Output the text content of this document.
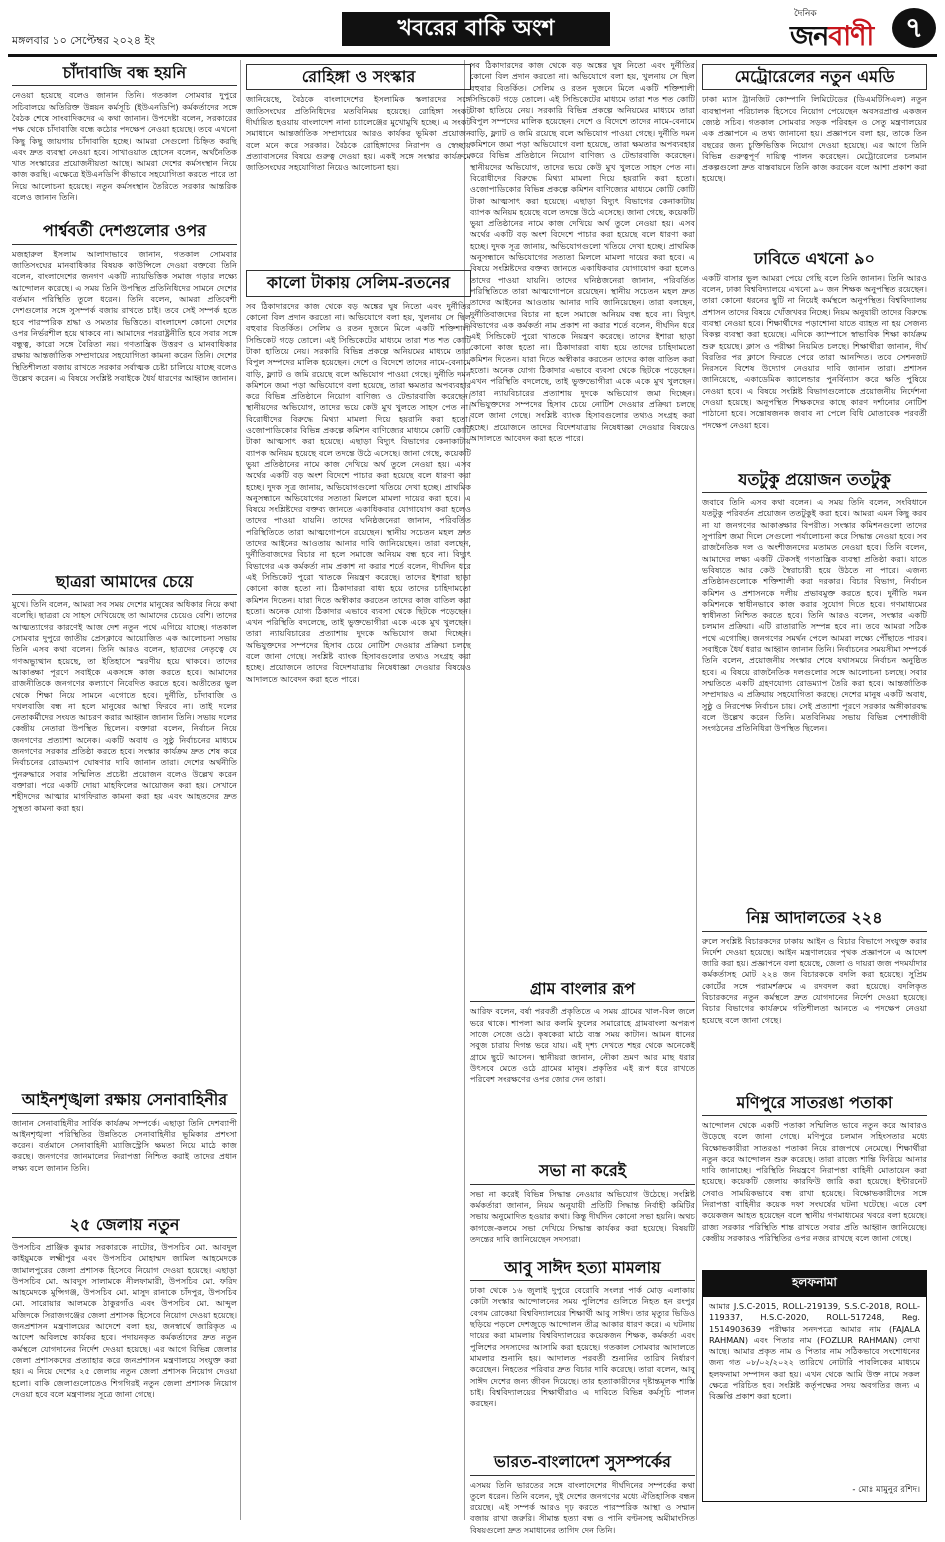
মঙ্গলবার ১০ সেপ্টেম্বর ২০২৪ ইং	খবরের বাকি অংশ
দৈনিক
জনবাণী	৭
চাঁদাবাজি বন্ধ হয়নি
নেওয়া হয়েছে বলেও জানান তিনি। গতকাল সোমবার দুপুরে সচিবালয়ে অতিরিক্ত উন্নয়ন কর্মসূচি (ইউএনডিপি) কর্মকর্তাদের সঙ্গে বৈঠক শেষে সাংবাদিকদের এ কথা জানান। উপদেষ্টা বলেন, সরকারের পক্ষ থেকে চাঁদাবাজি বন্ধে কঠোর পদক্ষেপ নেওয়া হয়েছে। তবে এখনো কিছু কিছু জায়গায় চাঁদাবাজি হচ্ছে। আমরা সেগুলো চিহ্নিত করছি এবং দ্রুত ব্যবস্থা নেওয়া হবে। সাখাওয়াত হোসেন বলেন, অর্থনৈতিক খাত সংস্কারের প্রয়োজনীয়তা আছে। আমরা দেশের কর্মসংস্থান নিয়ে কাজ করছি। এক্ষেত্রে ইউএনডিপি কীভাবে সহযোগিতা করতে পারে তা নিয়ে আলোচনা হয়েছে। নতুন কর্মসংস্থান তৈরিতে সরকার আন্তরিক বলেও জানান তিনি।
পার্শ্ববর্তী দেশগুলোর ওপর
মজহারুল ইসলাম আলাদাভাবে জানান, গতকাল সোমবার জাতিসংঘের মানবাধিকার বিষয়ক কাউন্সিলে দেওয়া বক্তব্যে তিনি বলেন, বাংলাদেশের জনগণ একটি ন্যায়ভিত্তিক সমাজ গড়ার লক্ষ্যে আন্দোলন করেছে। এ সময় তিনি উপস্থিত প্রতিনিধিদের সামনে দেশের বর্তমান পরিস্থিতি তুলে ধরেন। তিনি বলেন, আমরা প্রতিবেশী দেশগুলোর সঙ্গে সুসম্পর্ক বজায় রাখতে চাই। তবে সেই সম্পর্ক হতে হবে পারস্পরিক শ্রদ্ধা ও সমতার ভিত্তিতে। বাংলাদেশ কোনো দেশের ওপর নির্ভরশীল হয়ে থাকবে না। আমাদের পররাষ্ট্রনীতি হবে সবার সঙ্গে বন্ধুত্ব, কারো সঙ্গে বৈরিতা নয়। গণতান্ত্রিক উত্তরণ ও মানবাধিকার রক্ষায় আন্তর্জাতিক সম্প্রদায়ের সহযোগিতা কামনা করেন তিনি। দেশের স্থিতিশীলতা বজায় রাখতে সরকার সর্বাত্মক চেষ্টা চালিয়ে যাচ্ছে বলেও উল্লেখ করেন। এ বিষয়ে সংশ্লিষ্ট সবাইকে ধৈর্য ধারণের আহ্বান জানান।
ছাত্ররা আমাদের চেয়ে
মুখে। তিনি বলেন, আমরা সব সময় দেশের মানুষের অধিকার নিয়ে কথা বলেছি। ছাত্ররা যে সাহস দেখিয়েছে তা আমাদের চেয়েও বেশি। তাদের আত্মত্যাগের কারণেই আজ দেশ নতুন পথে এগিয়ে যাচ্ছে। গতকাল সোমবার দুপুরে জাতীয় প্রেসক্লাবে আয়োজিত এক আলোচনা সভায় তিনি এসব কথা বলেন। তিনি আরও বলেন, ছাত্রদের নেতৃত্বে যে গণঅভ্যুত্থান হয়েছে, তা ইতিহাসে স্মরণীয় হয়ে থাকবে। তাদের আকাঙ্ক্ষা পূরণে সবাইকে একসঙ্গে কাজ করতে হবে। আমাদের রাজনীতিকে জনগণের কল্যাণে নিবেদিত করতে হবে। অতীতের ভুল থেকে শিক্ষা নিয়ে সামনে এগোতে হবে। দুর্নীতি, চাঁদাবাজি ও দখলবাজি বন্ধ না হলে মানুষের আস্থা ফিরবে না। তাই দলের নেতাকর্মীদের সংযত আচরণ করার আহ্বান জানান তিনি। সভায় দলের কেন্দ্রীয় নেতারা উপস্থিত ছিলেন। বক্তারা বলেন, নির্বাচন নিয়ে জনগণের প্রত্যাশা অনেক। একটি অবাধ ও সুষ্ঠু নির্বাচনের মাধ্যমে জনগণের সরকার প্রতিষ্ঠা করতে হবে। সংস্কার কার্যক্রম দ্রুত শেষ করে নির্বাচনের রোডম্যাপ ঘোষণার দাবি জানান তারা। দেশের অর্থনীতি পুনরুদ্ধারে সবার সম্মিলিত প্রচেষ্টা প্রয়োজন বলেও উল্লেখ করেন বক্তারা। পরে একটি দোয়া মাহফিলের আয়োজন করা হয়। সেখানে শহীদদের আত্মার মাগফিরাত কামনা করা হয় এবং আহতদের দ্রুত সুস্থতা কামনা করা হয়।
আইনশৃঙ্খলা রক্ষায় সেনাবাহিনীর
জানান সেনাবাহিনীর সার্বিক কার্যক্রম সম্পর্কে। এছাড়া তিনি দেশব্যাপী আইনশৃঙ্খলা পরিস্থিতির উন্নতিতে সেনাবাহিনীর ভূমিকার প্রশংসা করেন। বর্তমানে সেনাবাহিনী ম্যাজিস্ট্রেসি ক্ষমতা নিয়ে মাঠে কাজ করছে। জনগণের জানমালের নিরাপত্তা নিশ্চিত করাই তাদের প্রধান লক্ষ্য বলে জানান তিনি।
২৫ জেলায় নতুন
উপসচিব প্রাঞ্জিক কুমার সরকারকে নাটোর, উপসচিব মো. আবদুল কাইয়ুমকে লক্ষ্মীপুর এবং উপসচিব মোহাম্মদ জামিল আহমেদকে জামালপুরের জেলা প্রশাসক হিসেবে নিয়োগ দেওয়া হয়েছে। এছাড়া উপসচিব মো. আবদুস সালামকে নীলফামারী, উপসচিব মো. ফরিদ আহমেদকে মুন্সিগঞ্জ, উপসচিব মো. মাসুদ রানাকে চাঁদপুর, উপসচিব মো. সারোয়ার আলমকে ঠাকুরগাঁও এবং উপসচিব মো. আব্দুল মজিদকে সিরাজগঞ্জের জেলা প্রশাসক হিসেবে নিয়োগ দেওয়া হয়েছে। জনপ্রশাসন মন্ত্রণালয়ের আদেশে বলা হয়, জনস্বার্থে জারিকৃত এ আদেশ অবিলম্বে কার্যকর হবে। পদায়নকৃত কর্মকর্তাদের দ্রুত নতুন কর্মস্থলে যোগদানের নির্দেশ দেওয়া হয়েছে। এর আগে বিভিন্ন জেলার জেলা প্রশাসকদের প্রত্যাহার করে জনপ্রশাসন মন্ত্রণালয়ে সংযুক্ত করা হয়। এ নিয়ে দেশের ২৫ জেলায় নতুন জেলা প্রশাসক নিয়োগ দেওয়া হলো। বাকি জেলাগুলোতেও শিগগিরই নতুন জেলা প্রশাসক নিয়োগ দেওয়া হবে বলে মন্ত্রণালয় সূত্রে জানা গেছে।
রোহিঙ্গা ও সংস্কার
জানিয়েছে, বৈঠকে বাংলাদেশের ইসলামিক স্কলারদের সঙ্গে জাতিসংঘের প্রতিনিধিদের মতবিনিময় হয়েছে। রোহিঙ্গা সংকট দীর্ঘায়িত হওয়ায় বাংলাদেশ নানা চ্যালেঞ্জের মুখোমুখি হচ্ছে। এ সংকট সমাধানে আন্তর্জাতিক সম্প্রদায়ের আরও কার্যকর ভূমিকা প্রয়োজন বলে মনে করে সরকার। বৈঠকে রোহিঙ্গাদের নিরাপদ ও স্বেচ্ছায় প্রত্যাবাসনের বিষয়ে গুরুত্ব দেওয়া হয়। একই সঙ্গে সংস্কার কার্যক্রমে জাতিসংঘের সহযোগিতা নিয়েও আলোচনা হয়।
কালো টাকায় সেলিম-রতনের
সব ঠিকাদারদের কাজ থেকে বড় অঙ্কের ঘুষ নিতো এবং দুর্নীতির কোনো বিল প্রদান করতো না। অভিযোগে বলা হয়, খুলনায় সে ছিল বহুবার বিতর্কিত। সেলিম ও রতন দুজনে মিলে একটি শক্তিশালী সিন্ডিকেট গড়ে তোলে। এই সিন্ডিকেটের মাধ্যমে তারা শত শত কোটি টাকা হাতিয়ে নেয়। সরকারি বিভিন্ন প্রকল্পে অনিয়মের মাধ্যমে তারা বিপুল সম্পদের মালিক হয়েছেন। দেশে ও বিদেশে তাদের নামে-বেনামে বাড়ি, ফ্ল্যাট ও জমি রয়েছে বলে অভিযোগ পাওয়া গেছে। দুর্নীতি দমন কমিশনে জমা পড়া অভিযোগে বলা হয়েছে, তারা ক্ষমতার অপব্যবহার করে বিভিন্ন প্রতিষ্ঠানে নিয়োগ বাণিজ্য ও টেন্ডারবাজি করেছেন। স্থানীয়দের অভিযোগ, তাদের ভয়ে কেউ মুখ খুলতে সাহস পেত না। বিরোধীদের বিরুদ্ধে মিথ্যা মামলা দিয়ে হয়রানি করা হতো। ওজোপাডিকোর বিভিন্ন প্রকল্পে কমিশন বাণিজ্যের মাধ্যমে কোটি কোটি টাকা আত্মসাৎ করা হয়েছে। এছাড়া বিদ্যুৎ বিভাগের কেনাকাটায় ব্যাপক অনিয়ম হয়েছে বলে তদন্তে উঠে এসেছে। জানা গেছে, কয়েকটি ভুয়া প্রতিষ্ঠানের নামে কাজ দেখিয়ে অর্থ তুলে নেওয়া হয়। এসব অর্থের একটি বড় অংশ বিদেশে পাচার করা হয়েছে বলে ধারণা করা হচ্ছে। দুদক সূত্র জানায়, অভিযোগগুলো খতিয়ে দেখা হচ্ছে। প্রাথমিক অনুসন্ধানে অভিযোগের সত্যতা মিললে মামলা দায়ের করা হবে। এ বিষয়ে সংশ্লিষ্টদের বক্তব্য জানতে একাধিকবার যোগাযোগ করা হলেও তাদের পাওয়া যায়নি। তাদের ঘনিষ্ঠজনেরা জানান, পরিবর্তিত পরিস্থিতিতে তারা আত্মগোপনে রয়েছেন। স্থানীয় সচেতন মহল দ্রুত তাদের আইনের আওতায় আনার দাবি জানিয়েছেন। তারা বলছেন, দুর্নীতিবাজদের বিচার না হলে সমাজে অনিয়ম বন্ধ হবে না। বিদ্যুৎ বিভাগের এক কর্মকর্তা নাম প্রকাশ না করার শর্তে বলেন, দীর্ঘদিন ধরে এই সিন্ডিকেট পুরো খাতকে নিয়ন্ত্রণ করেছে। তাদের ইশারা ছাড়া কোনো কাজ হতো না। ঠিকাদাররা বাধ্য হয়ে তাদের চাহিদামতো কমিশন দিতেন। যারা দিতে অস্বীকার করতেন তাদের কাজ বাতিল করা হতো। অনেক যোগ্য ঠিকাদার এভাবে ব্যবসা থেকে ছিটকে পড়েছেন। এখন পরিস্থিতি বদলেছে, তাই ভুক্তভোগীরা একে একে মুখ খুলছেন। তারা ন্যায়বিচারের প্রত্যাশায় দুদকে অভিযোগ জমা দিচ্ছেন। অভিযুক্তদের সম্পদের হিসাব চেয়ে নোটিশ দেওয়ার প্রক্রিয়া চলছে বলে জানা গেছে। সংশ্লিষ্ট ব্যাংক হিসাবগুলোর তথ্যও সংগ্রহ করা হচ্ছে। প্রয়োজনে তাদের বিদেশযাত্রায় নিষেধাজ্ঞা দেওয়ার বিষয়েও আদালতে আবেদন করা হতে পারে।
সব ঠিকাদারদের কাজ থেকে বড় অঙ্কের ঘুষ নিতো এবং দুর্নীতির কোনো বিল প্রদান করতো না। অভিযোগে বলা হয়, খুলনায় সে ছিল বহুবার বিতর্কিত। সেলিম ও রতন দুজনে মিলে একটি শক্তিশালী সিন্ডিকেট গড়ে তোলে। এই সিন্ডিকেটের মাধ্যমে তারা শত শত কোটি টাকা হাতিয়ে নেয়। সরকারি বিভিন্ন প্রকল্পে অনিয়মের মাধ্যমে তারা বিপুল সম্পদের মালিক হয়েছেন। দেশে ও বিদেশে তাদের নামে-বেনামে বাড়ি, ফ্ল্যাট ও জমি রয়েছে বলে অভিযোগ পাওয়া গেছে। দুর্নীতি দমন কমিশনে জমা পড়া অভিযোগে বলা হয়েছে, তারা ক্ষমতার অপব্যবহার করে বিভিন্ন প্রতিষ্ঠানে নিয়োগ বাণিজ্য ও টেন্ডারবাজি করেছেন। স্থানীয়দের অভিযোগ, তাদের ভয়ে কেউ মুখ খুলতে সাহস পেত না। বিরোধীদের বিরুদ্ধে মিথ্যা মামলা দিয়ে হয়রানি করা হতো। ওজোপাডিকোর বিভিন্ন প্রকল্পে কমিশন বাণিজ্যের মাধ্যমে কোটি কোটি টাকা আত্মসাৎ করা হয়েছে। এছাড়া বিদ্যুৎ বিভাগের কেনাকাটায় ব্যাপক অনিয়ম হয়েছে বলে তদন্তে উঠে এসেছে। জানা গেছে, কয়েকটি ভুয়া প্রতিষ্ঠানের নামে কাজ দেখিয়ে অর্থ তুলে নেওয়া হয়। এসব অর্থের একটি বড় অংশ বিদেশে পাচার করা হয়েছে বলে ধারণা করা হচ্ছে। দুদক সূত্র জানায়, অভিযোগগুলো খতিয়ে দেখা হচ্ছে। প্রাথমিক অনুসন্ধানে অভিযোগের সত্যতা মিললে মামলা দায়ের করা হবে। এ বিষয়ে সংশ্লিষ্টদের বক্তব্য জানতে একাধিকবার যোগাযোগ করা হলেও তাদের পাওয়া যায়নি। তাদের ঘনিষ্ঠজনেরা জানান, পরিবর্তিত পরিস্থিতিতে তারা আত্মগোপনে রয়েছেন। স্থানীয় সচেতন মহল দ্রুত তাদের আইনের আওতায় আনার দাবি জানিয়েছেন। তারা বলছেন, দুর্নীতিবাজদের বিচার না হলে সমাজে অনিয়ম বন্ধ হবে না। বিদ্যুৎ বিভাগের এক কর্মকর্তা নাম প্রকাশ না করার শর্তে বলেন, দীর্ঘদিন ধরে এই সিন্ডিকেট পুরো খাতকে নিয়ন্ত্রণ করেছে। তাদের ইশারা ছাড়া কোনো কাজ হতো না। ঠিকাদাররা বাধ্য হয়ে তাদের চাহিদামতো কমিশন দিতেন। যারা দিতে অস্বীকার করতেন তাদের কাজ বাতিল করা হতো। অনেক যোগ্য ঠিকাদার এভাবে ব্যবসা থেকে ছিটকে পড়েছেন। এখন পরিস্থিতি বদলেছে, তাই ভুক্তভোগীরা একে একে মুখ খুলছেন। তারা ন্যায়বিচারের প্রত্যাশায় দুদকে অভিযোগ জমা দিচ্ছেন। অভিযুক্তদের সম্পদের হিসাব চেয়ে নোটিশ দেওয়ার প্রক্রিয়া চলছে বলে জানা গেছে। সংশ্লিষ্ট ব্যাংক হিসাবগুলোর তথ্যও সংগ্রহ করা হচ্ছে। প্রয়োজনে তাদের বিদেশযাত্রায় নিষেধাজ্ঞা দেওয়ার বিষয়েও আদালতে আবেদন করা হতে পারে।
গ্রাম বাংলার রূপ
আরিফ বলেন, বর্ষা পরবর্তী প্রকৃতিতে এ সময় গ্রামের খাল-বিল জলে ভরে থাকে। শাপলা আর কলমি ফুলের সমারোহে গ্রামবাংলা অপরূপ সাজে সেজে ওঠে। কৃষকেরা মাঠে ব্যস্ত সময় কাটান। আমন ধানের সবুজ চারায় দিগন্ত ভরে যায়। এই দৃশ্য দেখতে শহর থেকে অনেকেই গ্রামে ছুটে আসেন। স্থানীয়রা জানান, নৌকা ভ্রমণ আর মাছ ধরার উৎসবে মেতে ওঠে গ্রামের মানুষ। প্রকৃতির এই রূপ ধরে রাখতে পরিবেশ সংরক্ষণের ওপর জোর দেন তারা।
সভা না করেই
সভা না করেই বিভিন্ন সিদ্ধান্ত নেওয়ার অভিযোগ উঠেছে। সংশ্লিষ্ট কর্মকর্তারা জানান, নিয়ম অনুযায়ী প্রতিটি সিদ্ধান্ত নির্বাহী কমিটির সভায় অনুমোদিত হওয়ার কথা। কিন্তু দীর্ঘদিন কোনো সভা হয়নি। অথচ কাগজে-কলমে সভা দেখিয়ে সিদ্ধান্ত কার্যকর করা হয়েছে। বিষয়টি তদন্তের দাবি জানিয়েছেন সদস্যরা।
আবু সাঈদ হত্যা মামলায়
ঢাকা থেকে ১৬ জুলাই দুপুরে বেরোবি সংলগ্ন পার্ক মোড় এলাকায় কোটা সংস্কার আন্দোলনের সময় পুলিশের গুলিতে নিহত হন রংপুর বেগম রোকেয়া বিশ্ববিদ্যালয়ের শিক্ষার্থী আবু সাঈদ। তার মৃত্যুর ভিডিও ছড়িয়ে পড়লে দেশজুড়ে আন্দোলন তীব্র আকার ধারণ করে। এ ঘটনায় দায়ের করা মামলায় বিশ্ববিদ্যালয়ের কয়েকজন শিক্ষক, কর্মকর্তা এবং পুলিশের সদস্যদের আসামি করা হয়েছে। গতকাল সোমবার আদালতে মামলার শুনানি হয়। আদালত পরবর্তী শুনানির তারিখ নির্ধারণ করেছেন। নিহতের পরিবার দ্রুত বিচার দাবি করেছে। তারা বলেন, আবু সাঈদ দেশের জন্য জীবন দিয়েছে। তার হত্যাকারীদের দৃষ্টান্তমূলক শাস্তি চাই। বিশ্ববিদ্যালয়ের শিক্ষার্থীরাও এ দাবিতে বিভিন্ন কর্মসূচি পালন করছেন।
ভারত-বাংলাদেশ সুসম্পর্কের
এসময় তিনি ভারতের সঙ্গে বাংলাদেশের দীর্ঘদিনের সম্পর্কের কথা তুলে ধরেন। তিনি বলেন, দুই দেশের জনগণের মধ্যে ঐতিহাসিক বন্ধন রয়েছে। এই সম্পর্ক আরও দৃঢ় করতে পারস্পরিক আস্থা ও সম্মান বজায় রাখা জরুরি। সীমান্ত হত্যা বন্ধ ও পানি বণ্টনসহ অমীমাংসিত বিষয়গুলো দ্রুত সমাধানের তাগিদ দেন তিনি।
মেট্রোরেলের নতুন এমডি
ঢাকা ম্যাস ট্রানজিট কোম্পানি লিমিটেডের (ডিএমটিসিএল) নতুন ব্যবস্থাপনা পরিচালক হিসেবে নিয়োগ পেয়েছেন অবসরপ্রাপ্ত একজন জ্যেষ্ঠ সচিব। গতকাল সোমবার সড়ক পরিবহন ও সেতু মন্ত্রণালয়ের এক প্রজ্ঞাপনে এ তথ্য জানানো হয়। প্রজ্ঞাপনে বলা হয়, তাকে তিন বছরের জন্য চুক্তিভিত্তিক নিয়োগ দেওয়া হয়েছে। এর আগে তিনি বিভিন্ন গুরুত্বপূর্ণ দায়িত্ব পালন করেছেন। মেট্রোরেলের চলমান প্রকল্পগুলো দ্রুত বাস্তবায়নে তিনি কাজ করবেন বলে আশা প্রকাশ করা হয়েছে।
ঢাবিতে এখনো ৯০
একটি বাসার ভুল আমরা পেয়ে গেছি বলে তিনি জানান। তিনি আরও বলেন, ঢাকা বিশ্ববিদ্যালয়ে এখনো ৯০ জন শিক্ষক অনুপস্থিত রয়েছেন। তারা কোনো ধরনের ছুটি না নিয়েই কর্মস্থলে অনুপস্থিত। বিশ্ববিদ্যালয় প্রশাসন তাদের বিষয়ে খোঁজখবর নিচ্ছে। নিয়ম অনুযায়ী তাদের বিরুদ্ধে ব্যবস্থা নেওয়া হবে। শিক্ষার্থীদের পড়াশোনা যাতে ব্যাহত না হয় সেজন্য বিকল্প ব্যবস্থা করা হয়েছে। এদিকে ক্যাম্পাসে স্বাভাবিক শিক্ষা কার্যক্রম শুরু হয়েছে। ক্লাস ও পরীক্ষা নিয়মিত চলছে। শিক্ষার্থীরা জানান, দীর্ঘ বিরতির পর ক্লাসে ফিরতে পেরে তারা আনন্দিত। তবে সেশনজট নিরসনে বিশেষ উদ্যোগ নেওয়ার দাবি জানান তারা। প্রশাসন জানিয়েছে, একাডেমিক ক্যালেন্ডার পুনর্বিন্যাস করে ক্ষতি পুষিয়ে নেওয়া হবে। এ বিষয়ে সংশ্লিষ্ট বিভাগগুলোকে প্রয়োজনীয় নির্দেশনা দেওয়া হয়েছে। অনুপস্থিত শিক্ষকদের কাছে কারণ দর্শানোর নোটিশ পাঠানো হবে। সন্তোষজনক জবাব না পেলে বিধি মোতাবেক পরবর্তী পদক্ষেপ নেওয়া হবে।
যতটুকু প্রয়োজন ততটুকু
জবাবে তিনি এসব কথা বলেন। এ সময় তিনি বলেন, সংবিধানে যতটুকু পরিবর্তন প্রয়োজন ততটুকুই করা হবে। আমরা এমন কিছু করব না যা জনগণের আকাঙ্ক্ষার বিপরীত। সংস্কার কমিশনগুলো তাদের সুপারিশ জমা দিলে সেগুলো পর্যালোচনা করে সিদ্ধান্ত নেওয়া হবে। সব রাজনৈতিক দল ও অংশীজনদের মতামত নেওয়া হবে। তিনি বলেন, আমাদের লক্ষ্য একটি টেকসই গণতান্ত্রিক ব্যবস্থা প্রতিষ্ঠা করা। যাতে ভবিষ্যতে আর কেউ স্বৈরাচারী হয়ে উঠতে না পারে। এজন্য প্রতিষ্ঠানগুলোকে শক্তিশালী করা দরকার। বিচার বিভাগ, নির্বাচন কমিশন ও প্রশাসনকে দলীয় প্রভাবমুক্ত করতে হবে। দুর্নীতি দমন কমিশনকে স্বাধীনভাবে কাজ করার সুযোগ দিতে হবে। গণমাধ্যমের স্বাধীনতা নিশ্চিত করতে হবে। তিনি আরও বলেন, সংস্কার একটি চলমান প্রক্রিয়া। এটি রাতারাতি সম্পন্ন হবে না। তবে আমরা সঠিক পথে এগোচ্ছি। জনগণের সমর্থন পেলে আমরা লক্ষ্যে পৌঁছাতে পারব। সবাইকে ধৈর্য ধরার আহ্বান জানান তিনি। নির্বাচনের সময়সীমা সম্পর্কে তিনি বলেন, প্রয়োজনীয় সংস্কার শেষে যথাসময়ে নির্বাচন অনুষ্ঠিত হবে। এ বিষয়ে রাজনৈতিক দলগুলোর সঙ্গে আলোচনা চলছে। সবার সম্মতিতে একটি গ্রহণযোগ্য রোডম্যাপ তৈরি করা হবে। আন্তর্জাতিক সম্প্রদায়ও এ প্রক্রিয়ায় সহযোগিতা করছে। দেশের মানুষ একটি অবাধ, সুষ্ঠু ও নিরপেক্ষ নির্বাচন চায়। সেই প্রত্যাশা পূরণে সরকার অঙ্গীকারবদ্ধ বলে উল্লেখ করেন তিনি। মতবিনিময় সভায় বিভিন্ন পেশাজীবী সংগঠনের প্রতিনিধিরা উপস্থিত ছিলেন।
নিম্ন আদালতের ২২৪
রুলে সংশ্লিষ্ট বিচারকদের ঢাকায় আইন ও বিচার বিভাগে সংযুক্ত করার নির্দেশ দেওয়া হয়েছে। আইন মন্ত্রণালয়ের পৃথক প্রজ্ঞাপনে এ আদেশ জারি করা হয়। প্রজ্ঞাপনে বলা হয়েছে, জেলা ও দায়রা জজ পদমর্যাদার কর্মকর্তাসহ মোট ২২৪ জন বিচারককে বদলি করা হয়েছে। সুপ্রিম কোর্টের সঙ্গে পরামর্শক্রমে এ রদবদল করা হয়েছে। বদলিকৃত বিচারকদের নতুন কর্মস্থলে দ্রুত যোগদানের নির্দেশ দেওয়া হয়েছে। বিচার বিভাগের কার্যক্রমে গতিশীলতা আনতে এ পদক্ষেপ নেওয়া হয়েছে বলে জানা গেছে।
মণিপুরে সাতরঙা পতাকা
আন্দোলন থেকে একটি পতাকা সম্মিলিত ভাবে নতুন করে আবারও উড়েছে বলে জানা গেছে। মণিপুরে চলমান সহিংসতার মধ্যে বিক্ষোভকারীরা সাতরঙা পতাকা নিয়ে রাজপথে নেমেছে। শিক্ষার্থীরা নতুন করে আন্দোলন শুরু করেছে। তারা রাজ্যে শান্তি ফিরিয়ে আনার দাবি জানাচ্ছে। পরিস্থিতি নিয়ন্ত্রণে নিরাপত্তা বাহিনী মোতায়েন করা হয়েছে। কয়েকটি জেলায় কারফিউ জারি করা হয়েছে। ইন্টারনেট সেবাও সাময়িকভাবে বন্ধ রাখা হয়েছে। বিক্ষোভকারীদের সঙ্গে নিরাপত্তা বাহিনীর কয়েক দফা সংঘর্ষের ঘটনা ঘটেছে। এতে বেশ কয়েকজন আহত হয়েছেন বলে স্থানীয় গণমাধ্যমের খবরে বলা হয়েছে। রাজ্য সরকার পরিস্থিতি শান্ত রাখতে সবার প্রতি আহ্বান জানিয়েছে। কেন্দ্রীয় সরকারও পরিস্থিতির ওপর নজর রাখছে বলে জানা গেছে।
হলফনামা
আমার J.S.C-2015, ROLL-219139, S.S.C-2018, ROLL-119337, H.S.C-2020, ROLL-517248, Reg. 1514903639 পরীক্ষার সনদপত্রে আমার নাম (FAJALA RAHMAN) এবং পিতার নাম (FOZLUR RAHMAN) লেখা আছে। আমার প্রকৃত নাম ও পিতার নাম সঠিকভাবে সংশোধনের জন্য গত ০৮/০২/২০২২ তারিখে নোটারি পাবলিকের মাধ্যমে হলফনামা সম্পাদন করা হয়। এখন থেকে আমি উক্ত নামে সকল ক্ষেত্রে পরিচিত হব। সংশ্লিষ্ট কর্তৃপক্ষের সদয় অবগতির জন্য এ বিজ্ঞপ্তি প্রকাশ করা হলো।
- মোঃ মামুনুর রশিদ।
